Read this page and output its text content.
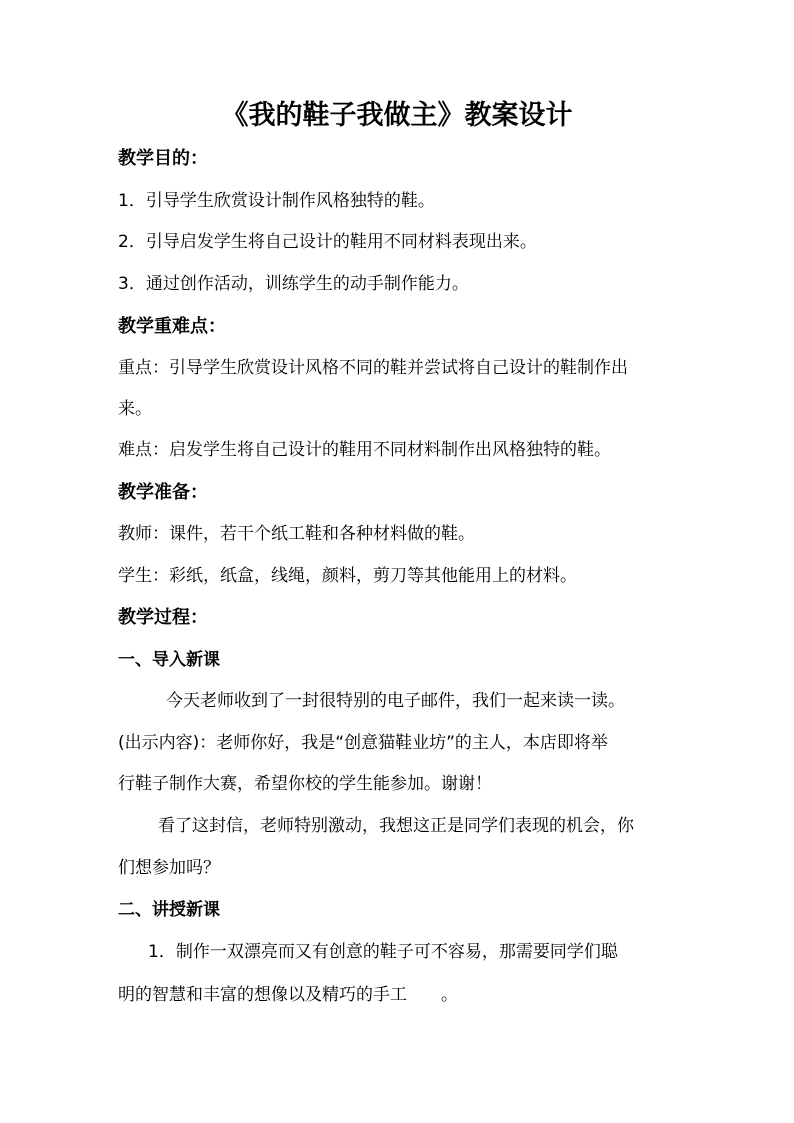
《我的鞋子我做主》教案设计
教学目的：
1．引导学生欣赏设计制作风格独特的鞋。
2．引导启发学生将自己设计的鞋用不同材料表现出来。
3．通过创作活动，训练学生的动手制作能力。
教学重难点：
重点：引导学生欣赏设计风格不同的鞋并尝试将自己设计的鞋制作出
来。
难点：启发学生将自己设计的鞋用不同材料制作出风格独特的鞋。
教学准备：
教师：课件，若干个纸工鞋和各种材料做的鞋。
学生：彩纸，纸盒，线绳，颜料，剪刀等其他能用上的材料。
教学过程：
一、导入新课
今天老师收到了一封很特别的电子邮件，我们一起来读一读。
(出示内容)：老师你好，我是“创意猫鞋业坊”的主人，本店即将举
行鞋子制作大赛，希望你校的学生能参加。谢谢！
看了这封信，老师特别激动，我想这正是同学们表现的机会，你
们想参加吗？
二、讲授新课
1．制作一双漂亮而又有创意的鞋子可不容易，那需要同学们聪
明的智慧和丰富的想像以及精巧的手工　　。
